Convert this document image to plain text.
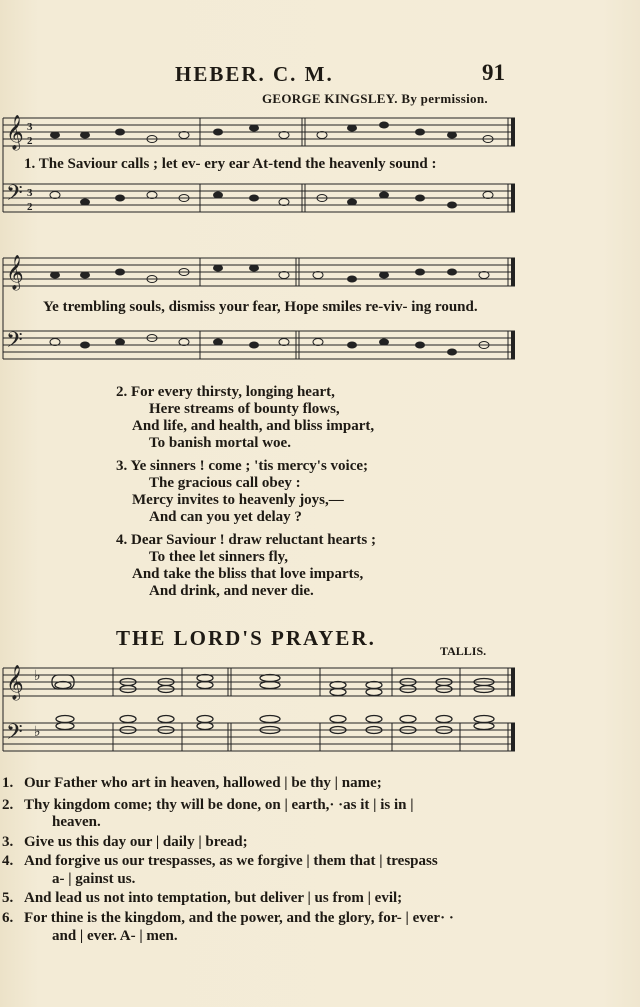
HEBER. C. M.	91
GEORGE KINGSLEY. By permission.
𝄞
𝄢
3
2
3
2
1. The Saviour calls ; let ev- ery ear At-tend the heavenly sound :
𝄞
𝄢
Ye trembling souls, dismiss your fear, Hope smiles re-viv- ing round.
2. For every thirsty, longing heart,
Here streams of bounty flows,
And life, and health, and bliss impart,
To banish mortal woe.
3. Ye sinners ! come ; 'tis mercy's voice;
The gracious call obey :
Mercy invites to heavenly joys,—
And can you yet delay ?
4. Dear Saviour ! draw reluctant hearts ;
To thee let sinners fly,
And take the bliss that love imparts,
And drink, and never die.
THE LORD'S PRAYER.
TALLIS.
𝄞
𝄢
♭
♭
1. Our Father who art in heaven, hallowed | be thy | name;
2. Thy kingdom come; thy will be done, on | earth,· ·as it | is in |
heaven.
3. Give us this day our | daily | bread;
4. And forgive us our trespasses, as we forgive | them that | trespass
a- | gainst us.
5. And lead us not into temptation, but deliver | us from | evil;
6. For thine is the kingdom, and the power, and the glory, for- | ever· ·
and | ever. A- | men.
